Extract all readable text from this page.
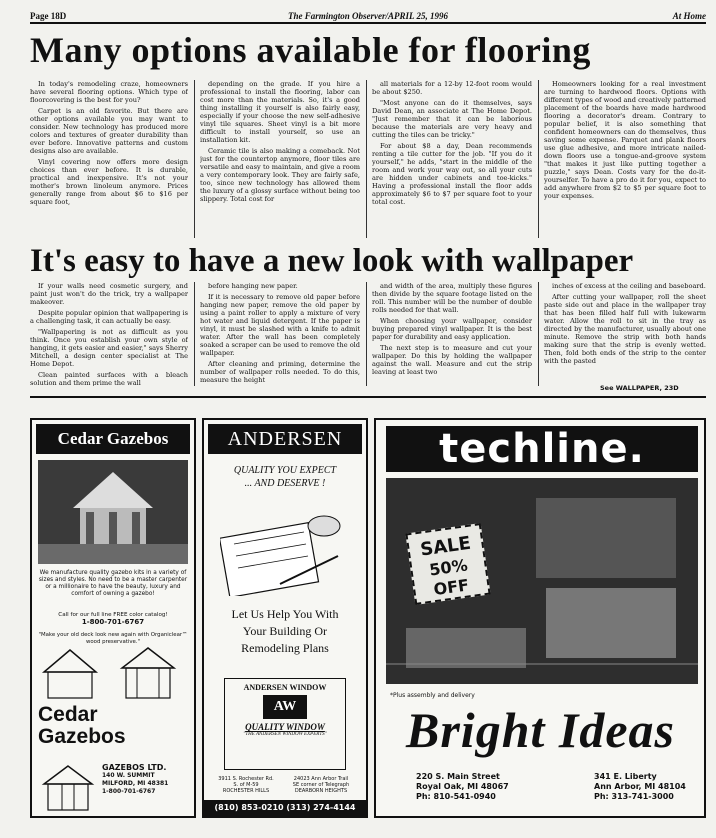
Page 18D	The Farmington Observer/APRIL 25, 1996	At Home
Many options available for flooring

In today's remodeling craze, homeowners have several flooring options. Which type of floorcovering is the best for you?

Carpet is an old favorite. But there are other options available you may want to consider. New technology has produced more colors and textures of greater durability than ever before. Innovative patterns and custom designs also are available.

Vinyl covering now offers more design choices than ever before. It is durable, practical and inexpensive. It's not your mother's brown linoleum anymore. Prices generally range from about $6 to $16 per square foot,

depending on the grade. If you hire a professional to install the flooring, labor can cost more than the materials. So, it's a good thing installing it yourself is also fairly easy, especially if your choose the new self-adhesive vinyl tile squares. Sheet vinyl is a bit more difficult to install yourself, so use an installation kit.

Ceramic tile is also making a comeback. Not just for the countertop anymore, floor tiles are versatile and easy to maintain, and give a room a very contemporary look. They are fairly safe, too, since new technology has allowed them the luxury of a glossy surface without being too slippery. Total cost for

all materials for a 12-by 12-foot room would be about $250.

"Most anyone can do it themselves, says David Dean, an associate at The Home Depot. "Just remember that it can be laborious because the materials are very heavy and cutting the tiles can be tricky."

For about $8 a day, Dean recommends renting a tile cutter for the job. "If you do it yourself," he adds, "start in the middle of the room and work your way out, so all your cuts are hidden under cabinets and toe-kicks." Having a professional install the floor adds approximately $6 to $7 per square foot to your total cost.

Homeowners looking for a real investment are turning to hardwood floors. Options with different types of wood and creatively patterned placement of the boards have made hardwood flooring a decorator's dream. Contrary to popular belief, it is also something that confident homeowners can do themselves, thus saving some expense. Parquet and plank floors use glue adhesive, and more intricate nailed-down floors use a tongue-and-groove system "that makes it just like putting together a puzzle," says Dean. Costs vary for the do-it-yourselfer. To have a pro do it for you, expect to add anywhere from $2 to $5 per square foot to your expenses.

It's easy to have a new look with wallpaper

If your walls need cosmetic surgery, and paint just won't do the trick, try a wallpaper makeover.

Despite popular opinion that wallpapering is a challenging task, it can actually be easy.

"Wallpapering is not as difficult as you think. Once you establish your own style of hanging, it gets easier and easier," says Sherry Mitchell, a design center specialist at The Home Depot.

Clean painted surfaces with a bleach solution and them prime the wall

before hanging new paper.

If it is necessary to remove old paper before hanging new paper, remove the old paper by using a paint roller to apply a mixture of very hot water and liquid detergent. If the paper is vinyl, it must be slashed with a knife to admit water. After the wall has been completely soaked a scraper can be used to remove the old wallpaper.

After cleaning and priming, determine the number of wallpaper rolls needed. To do this, measure the height

and width of the area, multiply these figures then divide by the square footage listed on the roll. This number will be the number of double rolls needed for that wall.

When choosing your wallpaper, consider buying prepared vinyl wallpaper. It is the best paper for durability and easy application.

The next step is to measure and cut your wallpaper. Do this by holding the wallpaper against the wall. Measure and cut the strip leaving at least two

inches of excess at the ceiling and baseboard.

After cutting your wallpaper, roll the sheet paste side out and place in the wallpaper tray that has been filled half full with lukewarm water. Allow the roll to sit in the tray as directed by the manufacturer, usually about one minute. Remove the strip with both hands making sure that the strip is evenly wetted. Then, fold both ends of the strip to the center with the pasted

See WALLPAPER, 23D
Cedar Gazebos
We manufacture quality gazebo kits in a variety of sizes and styles. No need to be a master carpenter or a millionaire to have the beauty, luxury and comfort of owning a gazebo!
Call for our full line FREE color catalog!
1-800-701-6767
"Make your old deck look new again with Organiclear™ wood preservative."
Cedar
Gazebos
GAZEBOS LTD.
140 W. SUMMIT
MILFORD, MI 48381
1-800-701-6767
ANDERSEN
QUALITY YOU EXPECT
... AND DESERVE !
Let Us Help You With
Your Building Or
Remodeling Plans
ANDERSEN WINDOW
AW
QUALITY WINDOW
"THE ANDERSEN WINDOW EXPERTS"
3911 S. Rochester Rd.
S. of M-59
ROCHESTER HILLS
24023 Ann Arbor Trail
SE corner of Telegraph
DEARBORN HEIGHTS
(810) 853-0210 (313) 274-4144
techline.
SALE
50% OFF
*Plus assembly and delivery
Bright Ideas
220 S. Main Street
Royal Oak, MI 48067
Ph: 810-541-0940
341 E. Liberty
Ann Arbor, MI 48104
Ph: 313-741-3000
